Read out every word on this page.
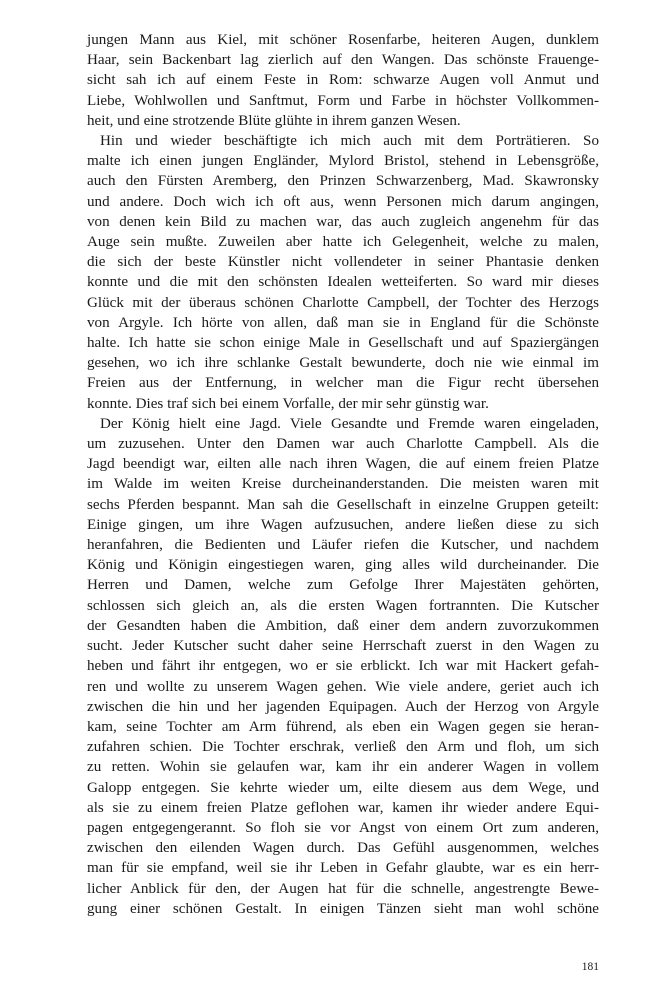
jungen Mann aus Kiel, mit schöner Rosenfarbe, heiteren Augen, dunklem
Haar, sein Backenbart lag zierlich auf den Wangen. Das schönste Frauenge-
sicht sah ich auf einem Feste in Rom: schwarze Augen voll Anmut und
Liebe, Wohlwollen und Sanftmut, Form und Farbe in höchster Vollkommen-
heit, und eine strotzende Blüte glühte in ihrem ganzen Wesen.
Hin und wieder beschäftigte ich mich auch mit dem Porträtieren. So
malte ich einen jungen Engländer, Mylord Bristol, stehend in Lebensgröße,
auch den Fürsten Aremberg, den Prinzen Schwarzenberg, Mad. Skawronsky
und andere. Doch wich ich oft aus, wenn Personen mich darum angingen,
von denen kein Bild zu machen war, das auch zugleich angenehm für das
Auge sein mußte. Zuweilen aber hatte ich Gelegenheit, welche zu malen,
die sich der beste Künstler nicht vollendeter in seiner Phantasie denken
konnte und die mit den schönsten Idealen wetteiferten. So ward mir dieses
Glück mit der überaus schönen Charlotte Campbell, der Tochter des Herzogs
von Argyle. Ich hörte von allen, daß man sie in England für die Schönste
halte. Ich hatte sie schon einige Male in Gesellschaft und auf Spaziergängen
gesehen, wo ich ihre schlanke Gestalt bewunderte, doch nie wie einmal im
Freien aus der Entfernung, in welcher man die Figur recht übersehen
konnte. Dies traf sich bei einem Vorfalle, der mir sehr günstig war.
Der König hielt eine Jagd. Viele Gesandte und Fremde waren eingeladen,
um zuzusehen. Unter den Damen war auch Charlotte Campbell. Als die
Jagd beendigt war, eilten alle nach ihren Wagen, die auf einem freien Platze
im Walde im weiten Kreise durcheinanderstanden. Die meisten waren mit
sechs Pferden bespannt. Man sah die Gesellschaft in einzelne Gruppen geteilt:
Einige gingen, um ihre Wagen aufzusuchen, andere ließen diese zu sich
heranfahren, die Bedienten und Läufer riefen die Kutscher, und nachdem
König und Königin eingestiegen waren, ging alles wild durcheinander. Die
Herren und Damen, welche zum Gefolge Ihrer Majestäten gehörten,
schlossen sich gleich an, als die ersten Wagen fortrannten. Die Kutscher
der Gesandten haben die Ambition, daß einer dem andern zuvorzukommen
sucht. Jeder Kutscher sucht daher seine Herrschaft zuerst in den Wagen zu
heben und fährt ihr entgegen, wo er sie erblickt. Ich war mit Hackert gefah-
ren und wollte zu unserem Wagen gehen. Wie viele andere, geriet auch ich
zwischen die hin und her jagenden Equipagen. Auch der Herzog von Argyle
kam, seine Tochter am Arm führend, als eben ein Wagen gegen sie heran-
zufahren schien. Die Tochter erschrak, verließ den Arm und floh, um sich
zu retten. Wohin sie gelaufen war, kam ihr ein anderer Wagen in vollem
Galopp entgegen. Sie kehrte wieder um, eilte diesem aus dem Wege, und
als sie zu einem freien Platze geflohen war, kamen ihr wieder andere Equi-
pagen entgegengerannt. So floh sie vor Angst von einem Ort zum anderen,
zwischen den eilenden Wagen durch. Das Gefühl ausgenommen, welches
man für sie empfand, weil sie ihr Leben in Gefahr glaubte, war es ein herr-
licher Anblick für den, der Augen hat für die schnelle, angestrengte Bewe-
gung einer schönen Gestalt. In einigen Tänzen sieht man wohl schöne
181
